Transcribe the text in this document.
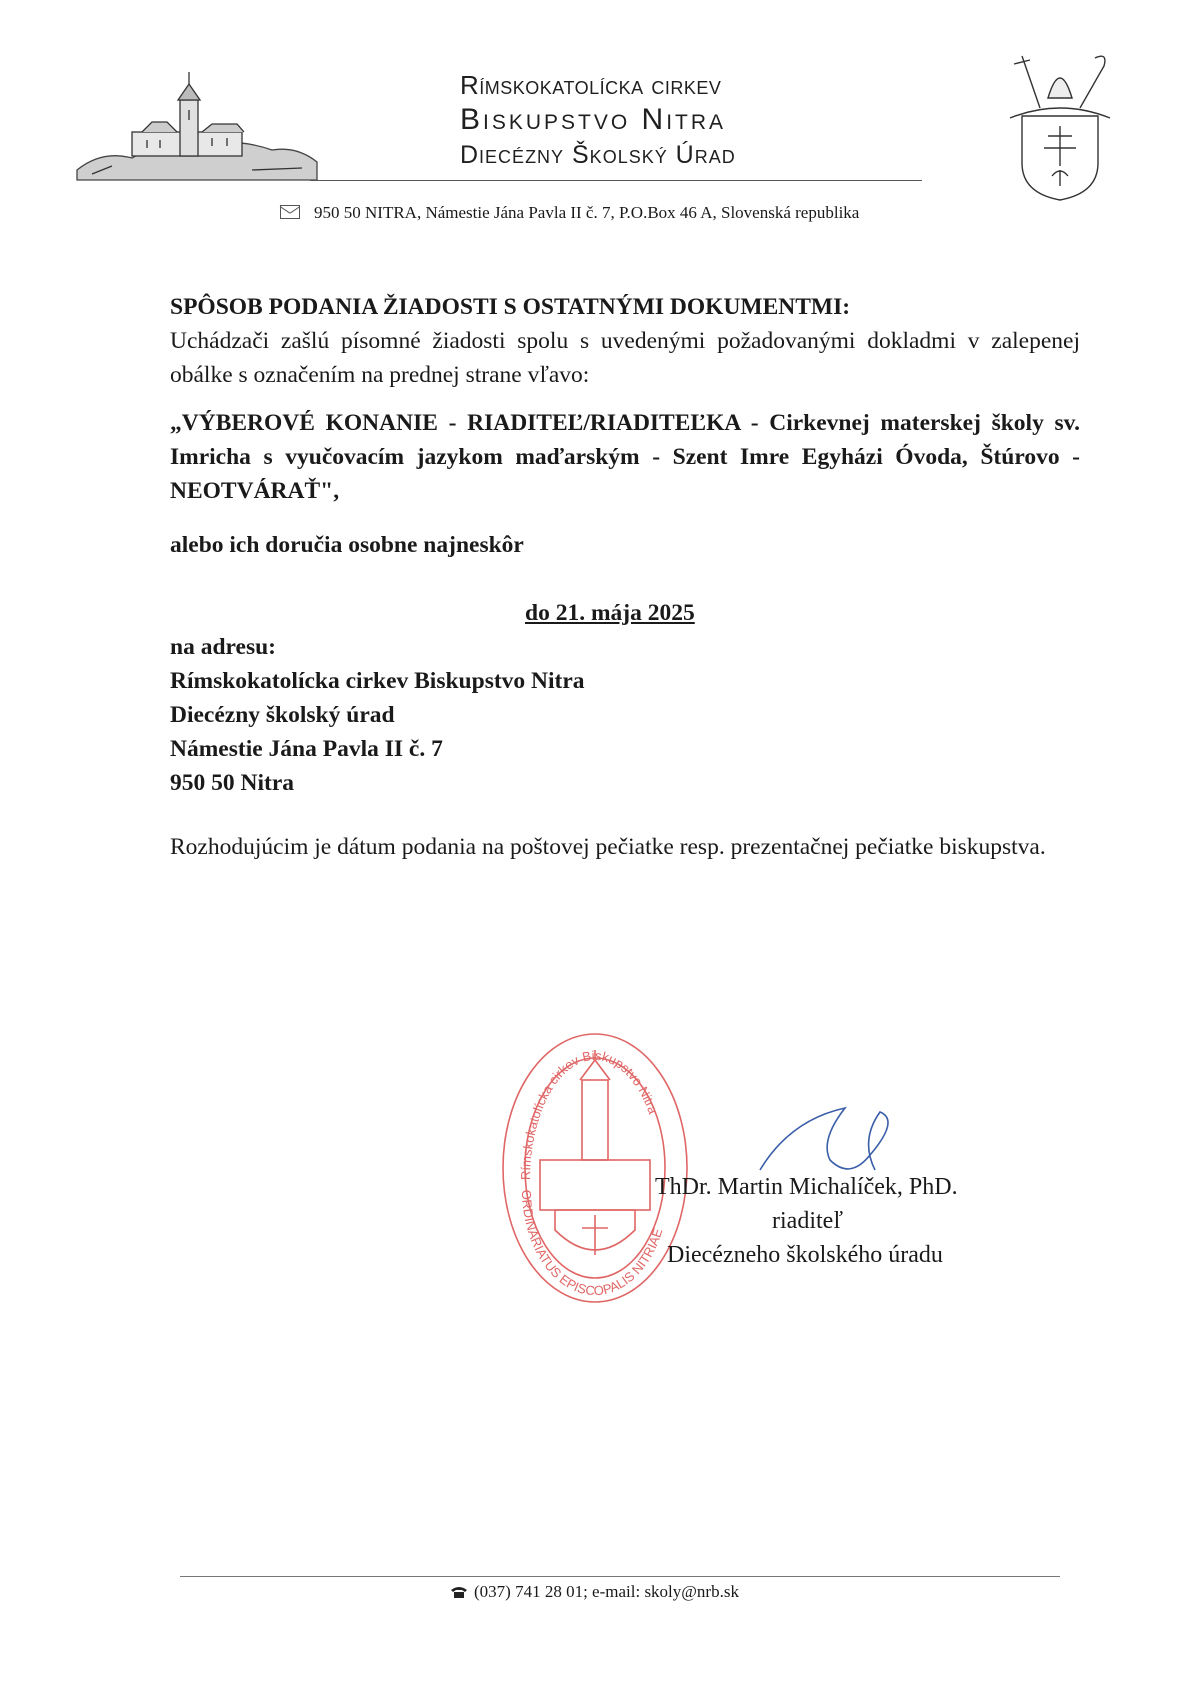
Rímskokatolícka cirkev
Biskupstvo Nitra
Diecézny Školský Úrad
950 50 NITRA, Námestie Jána Pavla II č. 7, P.O.Box 46 A, Slovenská republika
SPÔSOB PODANIA ŽIADOSTI S OSTATNÝMI DOKUMENTMI:
Uchádzači zašlú písomné žiadosti spolu s uvedenými požadovanými dokladmi v zalepenej obálke s označením na prednej strane vľavo:
„VÝBEROVÉ KONANIE - RIADITEĽ/RIADITEĽKA - Cirkevnej materskej školy sv. Imricha s vyučovacím jazykom maďarským - Szent Imre Egyházi Óvoda, Štúrovo - NEOTVÁRAŤ",
alebo ich doručia osobne najneskôr
do 21. mája 2025
na adresu:
Rímskokatolícka cirkev Biskupstvo Nitra
Diecézny školský úrad
Námestie Jána Pavla II č. 7
950 50 Nitra
Rozhodujúcim je dátum podania na poštovej pečiatke resp. prezentačnej pečiatke biskupstva.
Rímskokatolícka cirkev Biskupstvo Nitra
ORDINARIATUS EPISCOPALIS NITRIAE
ThDr. Martin Michalíček, PhD.
riaditeľ
Diecézneho školského úradu
(037) 741 28 01; e-mail: skoly@nrb.sk
